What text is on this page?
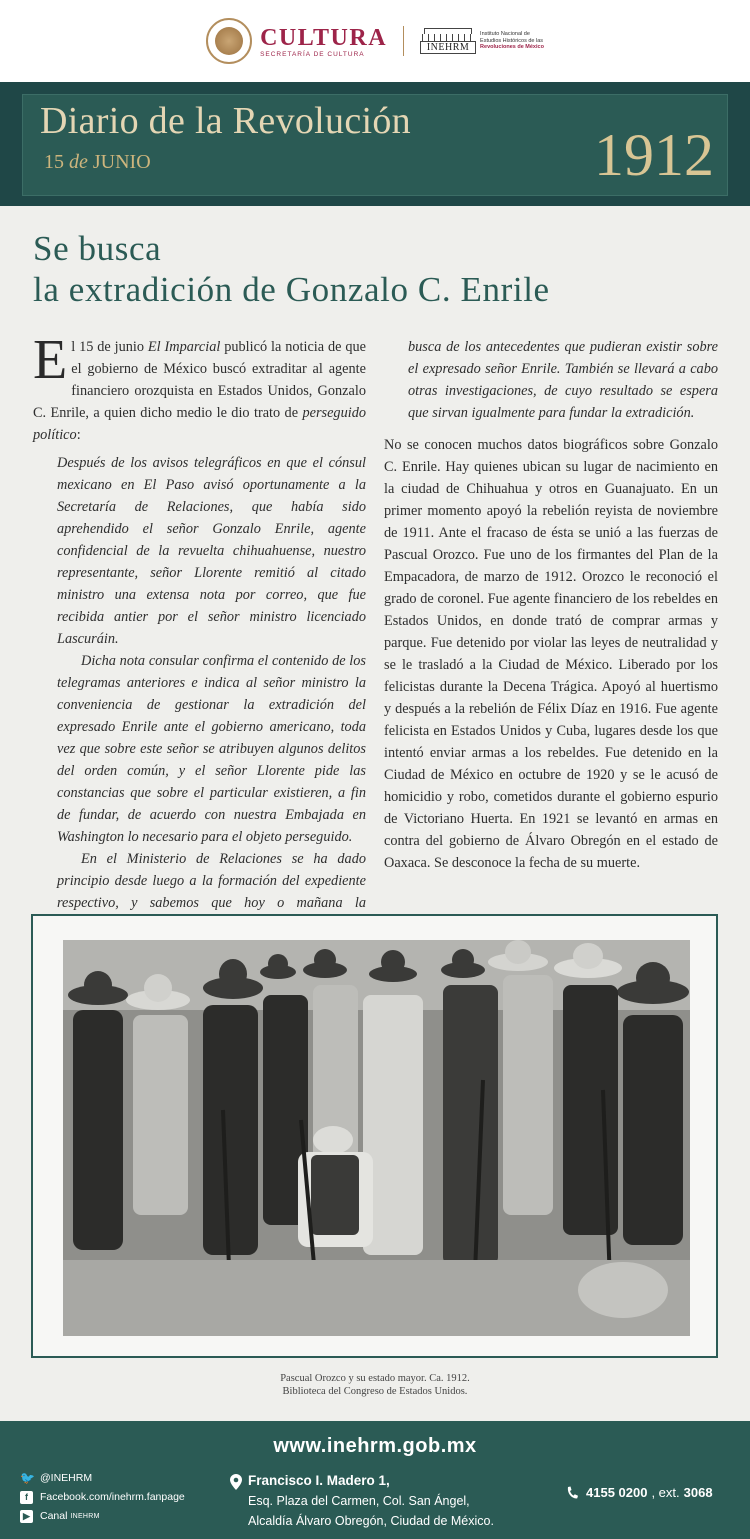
CULTURA
SECRETARÍA DE CULTURA
INEHRM
Instituto Nacional de
Estudios Históricos de las
Revoluciones de México
Diario de la Revolución
15 de JUNIO	1912
Se busca
la extradición de Gonzalo C. Enrile

El 15 de junio El Imparcial publicó la noticia de que el gobierno de México buscó extraditar al agente financiero orozquista en Estados Unidos, Gonzalo C. Enrile, a quien dicho medio le dio trato de perseguido político:

Después de los avisos telegráficos en que el cónsul mexicano en El Paso avisó oportunamente a la Secretaría de Relaciones, que había sido aprehendido el señor Gonzalo Enrile, agente confidencial de la revuelta chihuahuense, nuestro representante, señor Llorente remitió al citado ministro una extensa nota por correo, que fue recibida antier por el señor ministro licenciado Lascuráin.

Dicha nota consular confirma el contenido de los telegramas anteriores e indica al señor ministro la conveniencia de gestionar la extradición del expresado Enrile ante el gobierno americano, toda vez que sobre este señor se atribuyen algunos delitos del orden común, y el señor Llorente pide las constancias que sobre el particular existieren, a fin de fundar, de acuerdo con nuestra Embajada en Washington lo necesario para el objeto perseguido.

En el Ministerio de Relaciones se ha dado principio desde luego a la formación del expediente respectivo, y sabemos que hoy o mañana la

busca de los antecedentes que pudieran existir sobre el expresado señor Enrile. También se llevará a cabo otras investigaciones, de cuyo resultado se espera que sirvan igualmente para fundar la extradición.

No se conocen muchos datos biográficos sobre Gonzalo C. Enrile. Hay quienes ubican su lugar de nacimiento en la ciudad de Chihuahua y otros en Guanajuato. En un primer momento apoyó la rebelión reyista de noviembre de 1911. Ante el fracaso de ésta se unió a las fuerzas de Pascual Orozco. Fue uno de los firmantes del Plan de la Empacadora, de marzo de 1912. Orozco le reconoció el grado de coronel. Fue agente financiero de los rebeldes en Estados Unidos, en donde trató de comprar armas y parque. Fue detenido por violar las leyes de neutralidad y se le trasladó a la Ciudad de México. Liberado por los felicistas durante la Decena Trágica. Apoyó al huertismo y después a la rebelión de Félix Díaz en 1916. Fue agente felicista en Estados Unidos y Cuba, lugares desde los que intentó enviar armas a los rebeldes. Fue detenido en la Ciudad de México en octubre de 1920 y se le acusó de homicidio y robo, cometidos durante el gobierno espurio de Victoriano Huerta. En 1921 se levantó en armas en contra del gobierno de Álvaro Obregón en el estado de Oaxaca. Se desconoce la fecha de su muerte.

Pascual Orozco y su estado mayor. Ca. 1912.
Biblioteca del Congreso de Estados Unidos.
www.inehrm.gob.mx
🐦 @INEHRM
f	Facebook.com/inehrm.fanpage
▶ Canal
INEHRM
Francisco I. Madero 1,
Esq. Plaza del Carmen, Col. San Ángel,
Alcaldía Álvaro Obregón, Ciudad de México.
4155 0200 , ext. 3068
